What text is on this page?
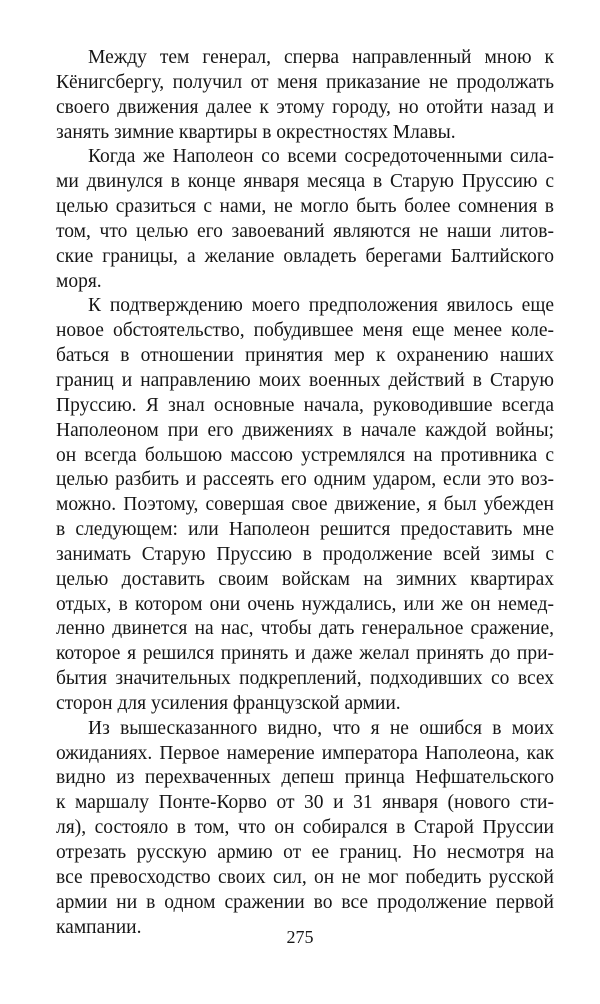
Между тем генерал, сперва направленный мною к
Кёнигсбергу, получил от меня приказание не продолжать
своего движения далее к этому городу, но отойти назад и
занять зимние квартиры в окрестностях Млавы.
Когда же Наполеон со всеми сосредоточенными сила-
ми двинулся в конце января месяца в Старую Пруссию с
целью сразиться с нами, не могло быть более сомнения в
том, что целью его завоеваний являются не наши литов-
ские границы, а желание овладеть берегами Балтийского
моря.
К подтверждению моего предположения явилось еще
новое обстоятельство, побудившее меня еще менее коле-
баться в отношении принятия мер к охранению наших
границ и направлению моих военных действий в Старую
Пруссию. Я знал основные начала, руководившие всегда
Наполеоном при его движениях в начале каждой войны;
он всегда большою массою устремлялся на противника с
целью разбить и рассеять его одним ударом, если это воз-
можно. Поэтому, совершая свое движение, я был убежден
в следующем: или Наполеон решится предоставить мне
занимать Старую Пруссию в продолжение всей зимы с
целью доставить своим войскам на зимних квартирах
отдых, в котором они очень нуждались, или же он немед-
ленно двинется на нас, чтобы дать генеральное сражение,
которое я решился принять и даже желал принять до при-
бытия значительных подкреплений, подходивших со всех
сторон для усиления французской армии.
Из вышесказанного видно, что я не ошибся в моих
ожиданиях. Первое намерение императора Наполеона, как
видно из перехваченных депеш принца Нефшательского
к маршалу Понте-Корво от 30 и 31 января (нового сти-
ля), состояло в том, что он собирался в Старой Пруссии
отрезать русскую армию от ее границ. Но несмотря на
все превосходство своих сил, он не мог победить русской
армии ни в одном сражении во все продолжение первой
кампании.	275
